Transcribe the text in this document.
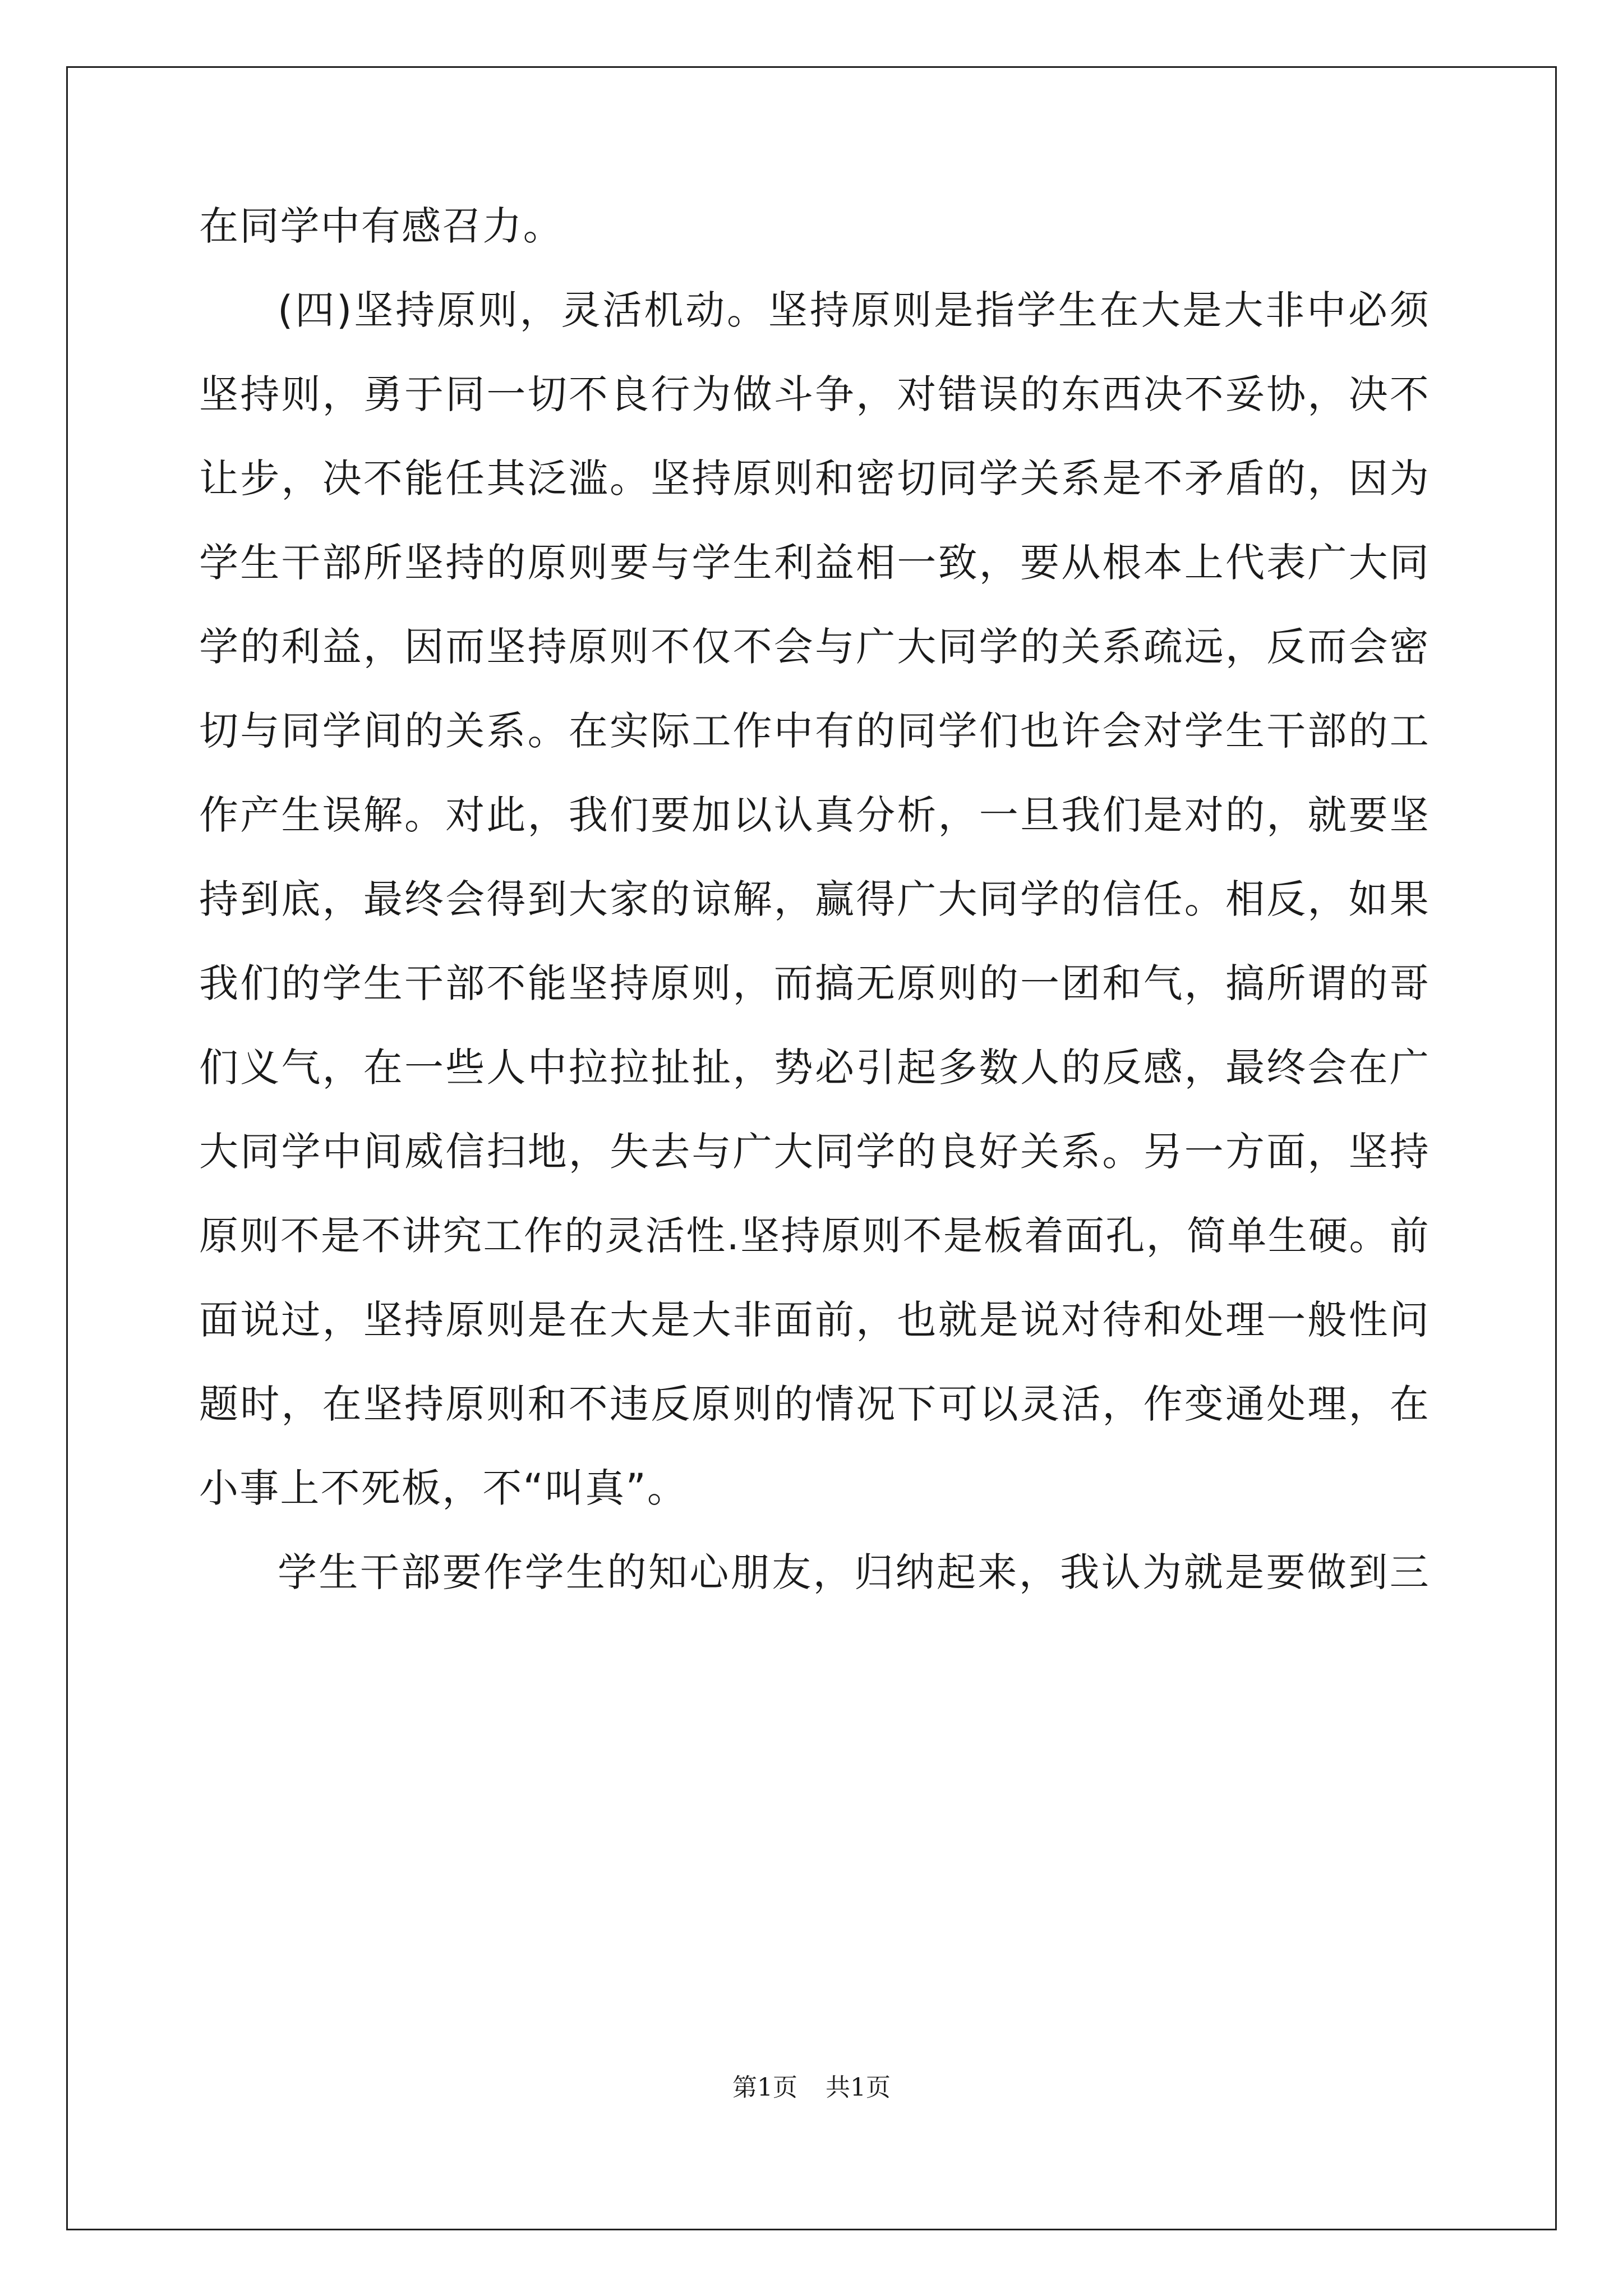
在同学中有感召力。
(四)坚持原则，灵活机动。坚持原则是指学生在大是大非中必须
坚持则，勇于同一切不良行为做斗争，对错误的东西决不妥协，决不
让步，决不能任其泛滥。坚持原则和密切同学关系是不矛盾的，因为
学生干部所坚持的原则要与学生利益相一致，要从根本上代表广大同
学的利益，因而坚持原则不仅不会与广大同学的关系疏远，反而会密
切与同学间的关系。在实际工作中有的同学们也许会对学生干部的工
作产生误解。对此，我们要加以认真分析，一旦我们是对的，就要坚
持到底，最终会得到大家的谅解，赢得广大同学的信任。相反，如果
我们的学生干部不能坚持原则，而搞无原则的一团和气，搞所谓的哥
们义气，在一些人中拉拉扯扯，势必引起多数人的反感，最终会在广
大同学中间威信扫地，失去与广大同学的良好关系。另一方面，坚持
原则不是不讲究工作的灵活性.坚持原则不是板着面孔，简单生硬。前
面说过，坚持原则是在大是大非面前，也就是说对待和处理一般性问
题时，在坚持原则和不违反原则的情况下可以灵活，作变通处理，在
小事上不死板，不“叫真”。
学生干部要作学生的知心朋友，归纳起来，我认为就是要做到三
第1页 共1页
